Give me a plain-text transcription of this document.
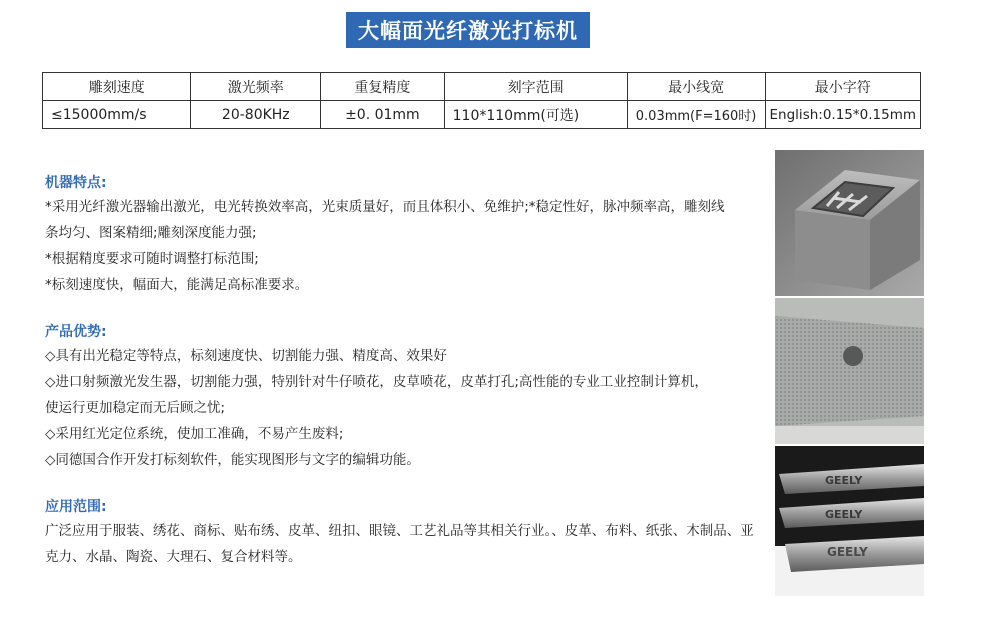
大幅面光纤激光打标机
雕刻速度	激光频率	重复精度	刻字范围	最小线宽	最小字符
≤15000mm/s	20-80KHz	±0. 01mm	110*110mm(可选)	0.03mm(F=160时)	English:0.15*0.15mm
机器特点:

*采用光纤激光器输出激光，电光转换效率高，光束质量好，而且体积小、免维护;*稳定性好，脉冲频率高，雕刻线

条均匀、图案精细;雕刻深度能力强;

*根据精度要求可随时调整打标范围;

*标刻速度快，幅面大，能满足高标准要求。

产品优势:

◇具有出光稳定等特点，标刻速度快、切割能力强、精度高、效果好

◇进口射频激光发生器，切割能力强，特别针对牛仔喷花，皮草喷花，皮革打孔;高性能的专业工业控制计算机，

使运行更加稳定而无后顾之忧;

◇采用红光定位系统，使加工准确，不易产生废料;

◇同德国合作开发打标刻软件，能实现图形与文字的编辑功能。

应用范围:

广泛应用于服装、绣花、商标、贴布绣、皮革、纽扣、眼镜、工艺礼品等其相关行业。、皮革、布料、纸张、木制品、亚

克力、水晶、陶瓷、大理石、复合材料等。

GEELY
GEELY
GEELY
